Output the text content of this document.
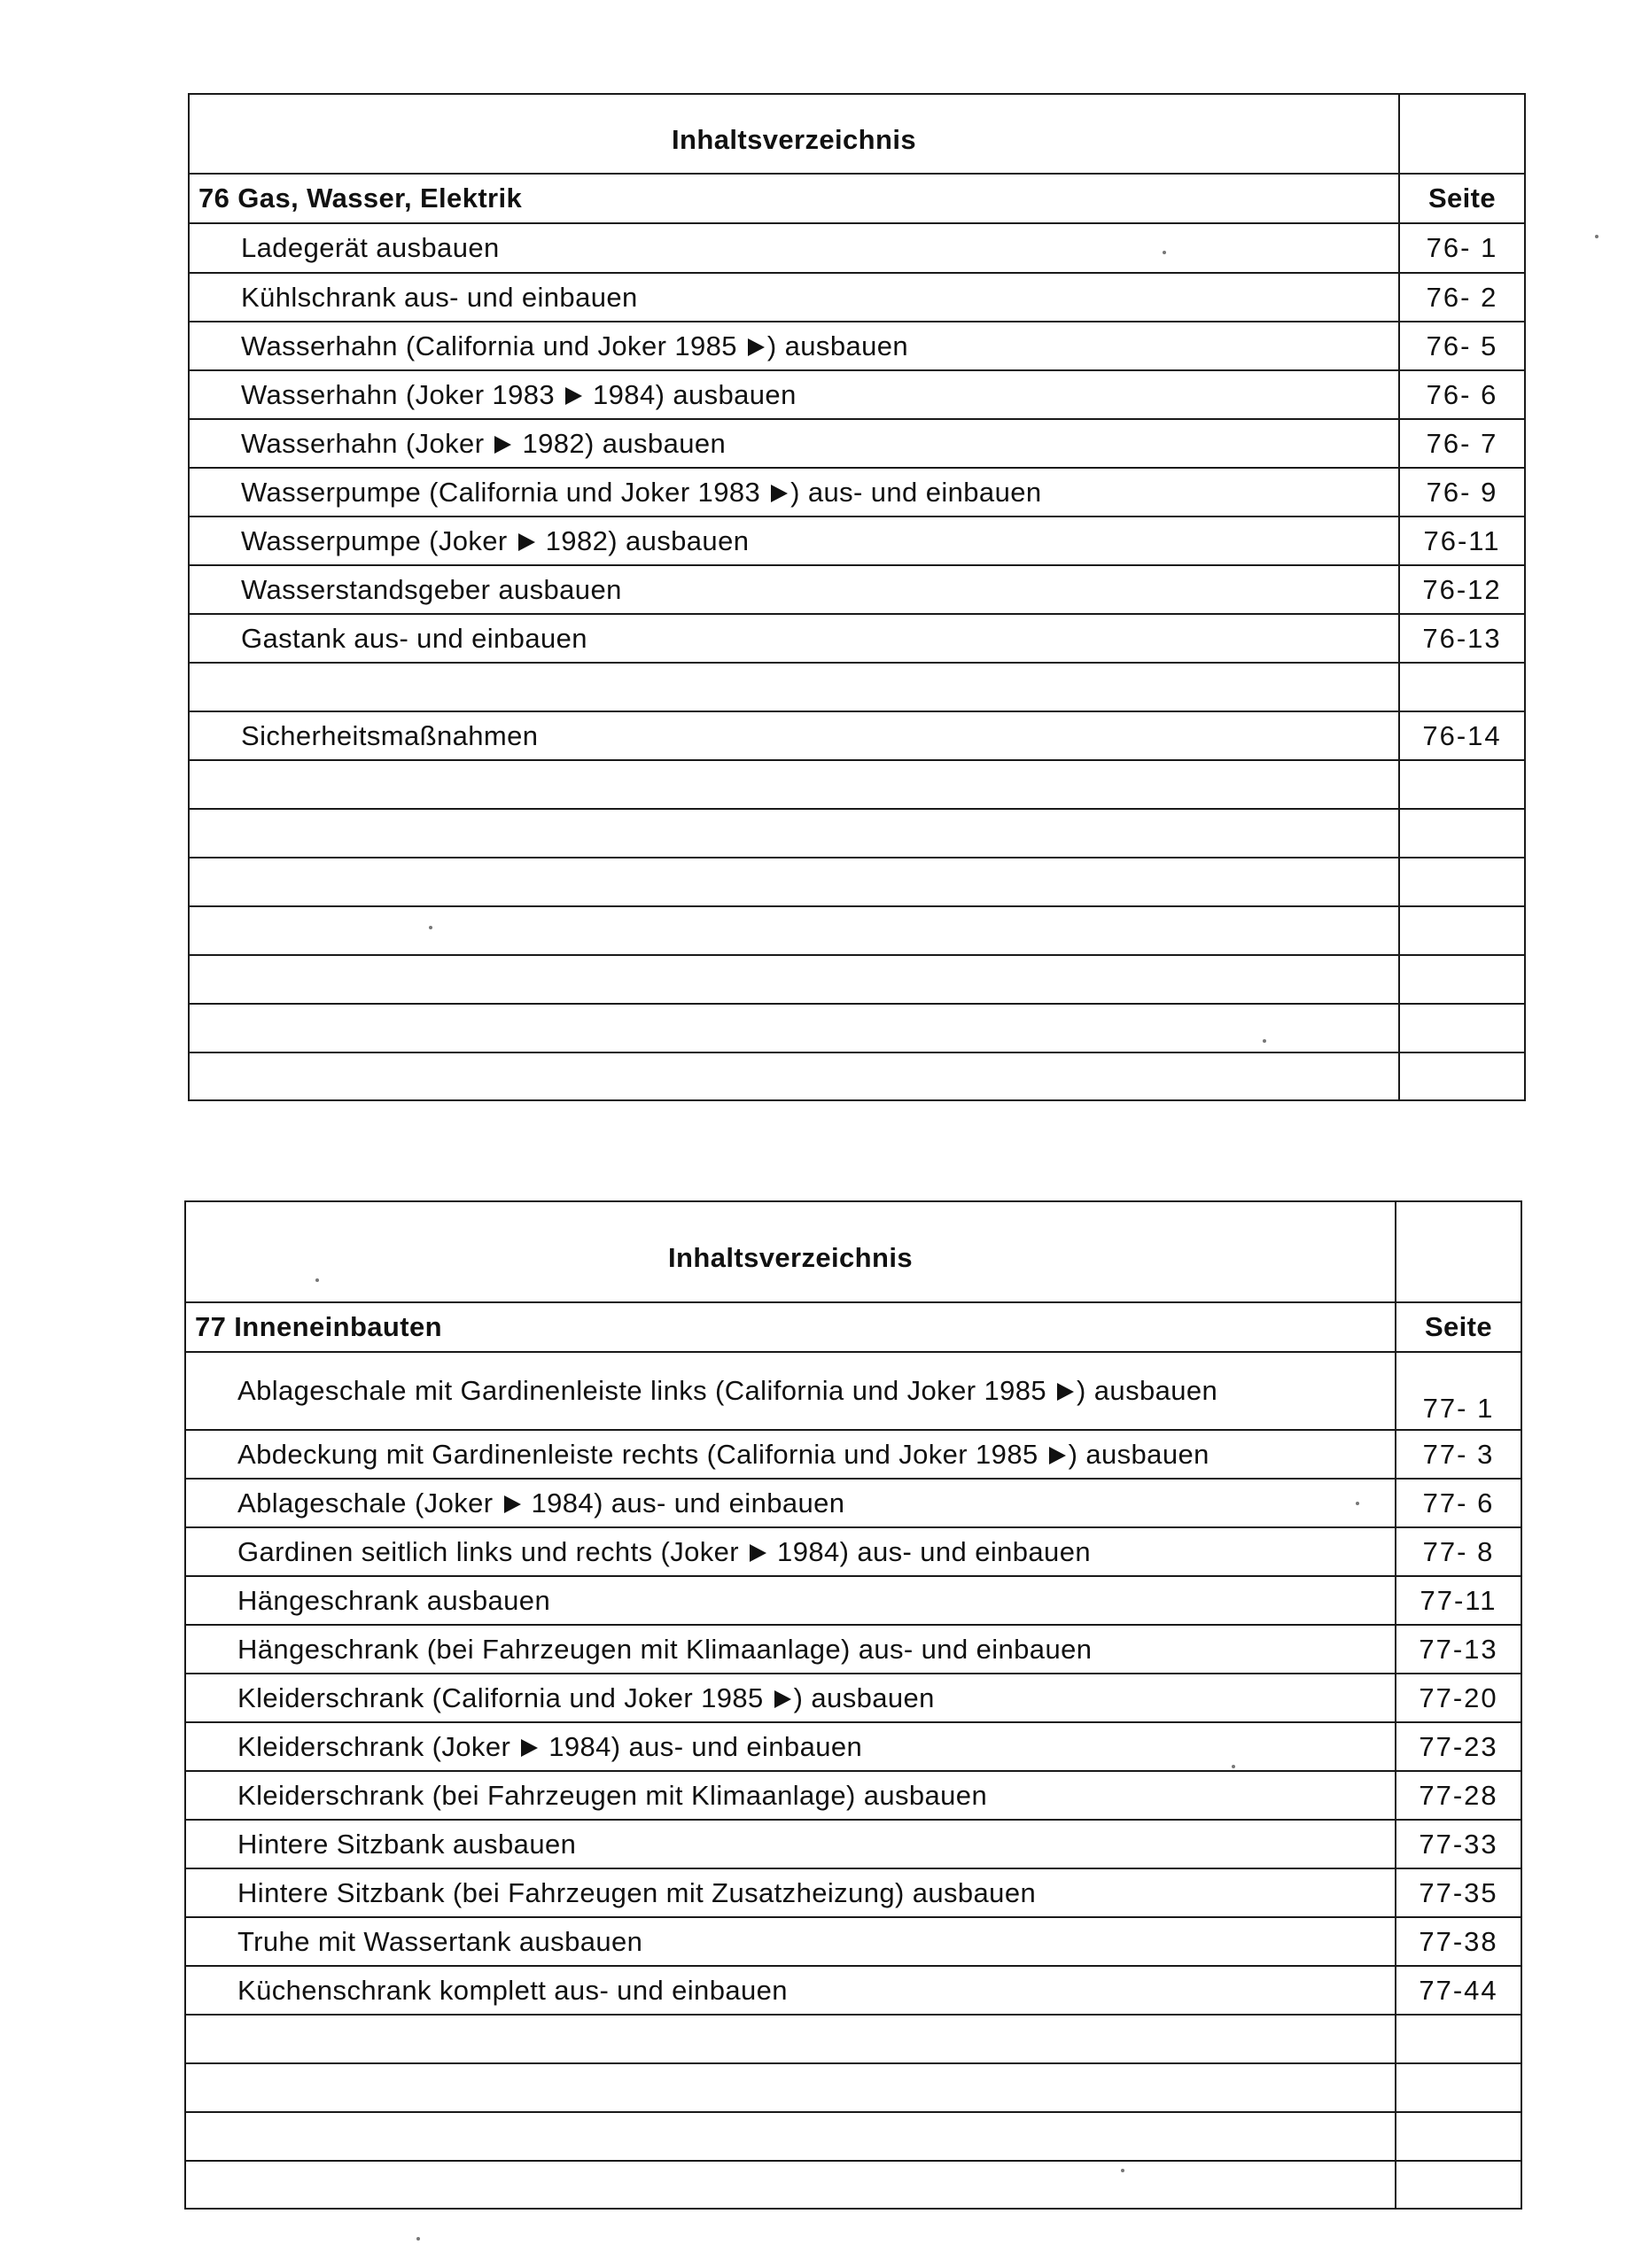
Inhaltsverzeichnis	
76 Gas, Wasser, Elektrik	Seite
Ladegerät ausbauen	76- 1
Kühlschrank aus- und einbauen	76- 2
Wasserhahn (California und Joker 1985 ) ausbauen	76- 5
Wasserhahn (Joker 1983  1984) ausbauen	76- 6
Wasserhahn (Joker  1982) ausbauen	76- 7
Wasserpumpe (California und Joker 1983 ) aus- und einbauen	76- 9
Wasserpumpe (Joker  1982) ausbauen	76-11
Wasserstandsgeber ausbauen	76-12
Gastank aus- und einbauen	76-13

Sicherheitsmaßnahmen	76-14

Inhaltsverzeichnis	
77 Inneneinbauten	Seite
Ablageschale mit Gardinenleiste links (California und Joker 1985 ) ausbauen	77- 1
Abdeckung mit Gardinenleiste rechts (California und Joker 1985 ) ausbauen	77- 3
Ablageschale (Joker  1984) aus- und einbauen	77- 6
Gardinen seitlich links und rechts (Joker  1984) aus- und einbauen	77- 8
Hängeschrank ausbauen	77-11
Hängeschrank (bei Fahrzeugen mit Klimaanlage) aus- und einbauen	77-13
Kleiderschrank (California und Joker 1985 ) ausbauen	77-20
Kleiderschrank (Joker  1984) aus- und einbauen	77-23
Kleiderschrank (bei Fahrzeugen mit Klimaanlage) ausbauen	77-28
Hintere Sitzbank ausbauen	77-33
Hintere Sitzbank (bei Fahrzeugen mit Zusatzheizung) ausbauen	77-35
Truhe mit Wassertank ausbauen	77-38
Küchenschrank komplett aus- und einbauen	77-44
